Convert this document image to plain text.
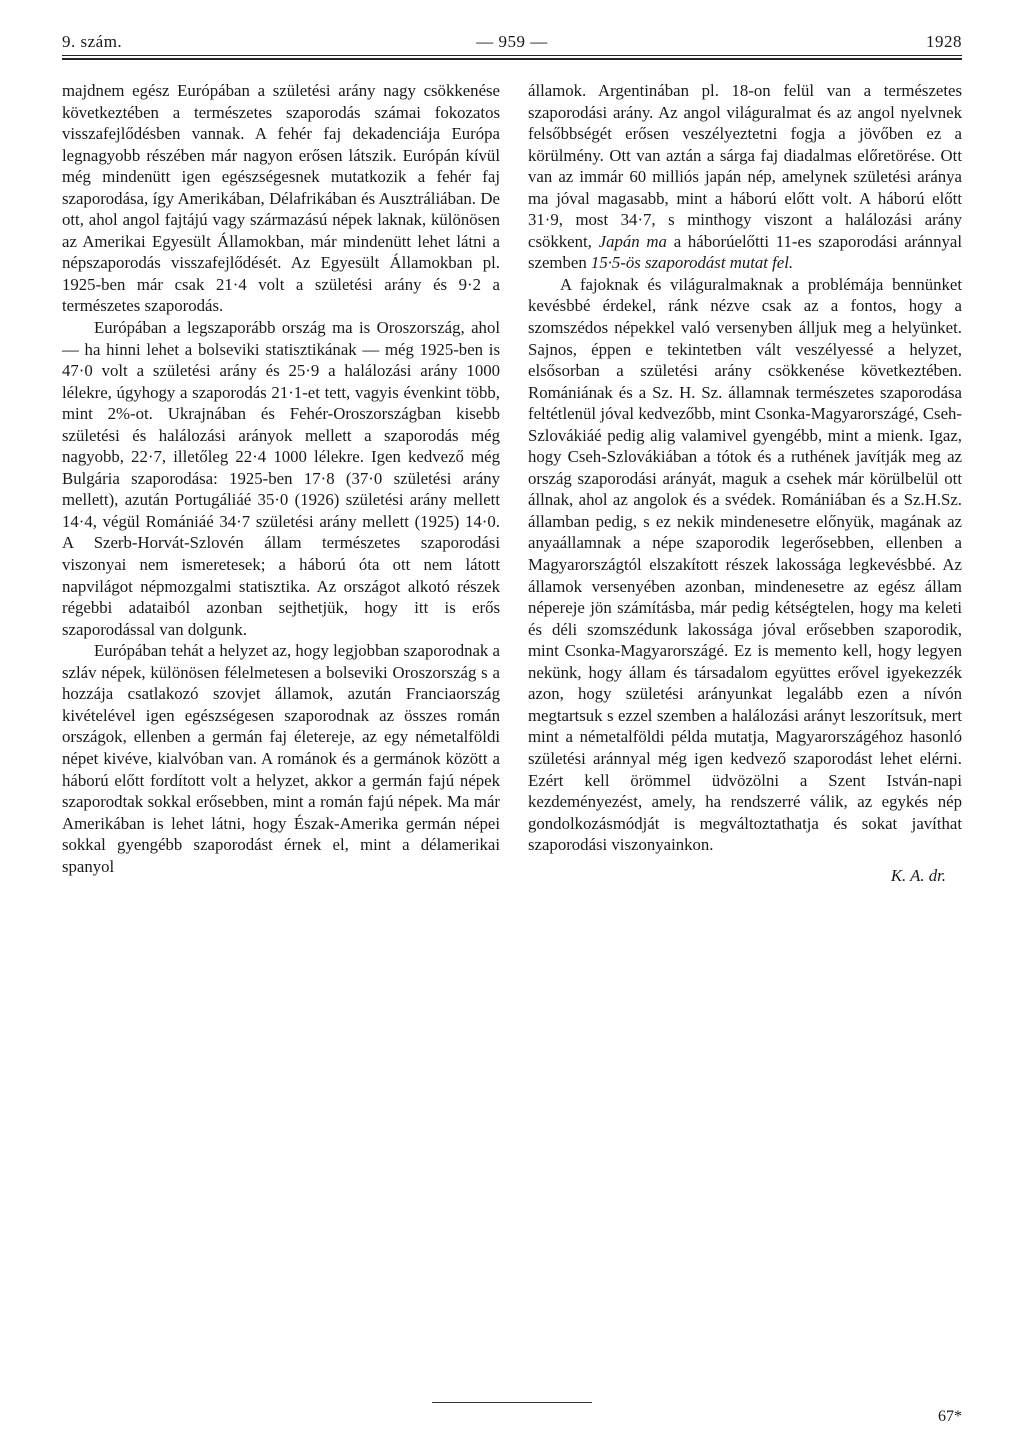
9. szám.	— 959 —	1928

majdnem egész Európában a születési arány nagy csökkenése következtében a természetes szaporodás számai fokozatos visszafejlődésben vannak. A fehér faj dekadenciája Európa legnagyobb részében már nagyon erősen látszik. Európán kívül még mindenütt igen egészségesnek mutatkozik a fehér faj szaporodása, így Amerikában, Délafrikában és Ausztráliában. De ott, ahol angol fajtájú vagy származású népek laknak, különösen az Amerikai Egyesült Államokban, már mindenütt lehet látni a népszaporodás visszafejlődését. Az Egyesült Államokban pl. 1925-ben már csak 21·4 volt a születési arány és 9·2 a természetes szaporodás.

Európában a legszaporább ország ma is Oroszország, ahol — ha hinni lehet a bolseviki statisztikának — még 1925-ben is 47·0 volt a születési arány és 25·9 a halálozási arány 1000 lélekre, úgyhogy a szaporodás 21·1-et tett, vagyis évenkint több, mint 2%-ot. Ukrajnában és Fehér-Oroszországban kisebb születési és halálozási arányok mellett a szaporodás még nagyobb, 22·7, illetőleg 22·4 1000 lélekre. Igen kedvező még Bulgária szaporodása: 1925-ben 17·8 (37·0 születési arány mellett), azután Portugáliáé 35·0 (1926) születési arány mellett 14·4, végül Romániáé 34·7 születési arány mellett (1925) 14·0. A Szerb-Horvát-Szlovén állam természetes szaporodási viszonyai nem ismeretesek; a háború óta ott nem látott napvilágot népmozgalmi statisztika. Az országot alkotó részek régebbi adataiból azonban sejthetjük, hogy itt is erős szaporodással van dolgunk.

Európában tehát a helyzet az, hogy legjobban szaporodnak a szláv népek, különösen félelmetesen a bolseviki Oroszország s a hozzája csatlakozó szovjet államok, azután Franciaország kivételével igen egészségesen szaporodnak az összes román országok, ellenben a germán faj életereje, az egy németalföldi népet kivéve, kialvóban van. A románok és a germánok között a háború előtt fordított volt a helyzet, akkor a germán fajú népek szaporodtak sokkal erősebben, mint a román fajú népek. Ma már Amerikában is lehet látni, hogy Észak-Amerika germán népei sokkal gyengébb szaporodást érnek el, mint a délamerikai spanyol

államok. Argentinában pl. 18-on felül van a természetes szaporodási arány. Az angol világuralmat és az angol nyelvnek felsőbbségét erősen veszélyeztetni fogja a jövőben ez a körülmény. Ott van aztán a sárga faj diadalmas előretörése. Ott van az immár 60 milliós japán nép, amelynek születési aránya ma jóval magasabb, mint a háború előtt volt. A háború előtt 31·9, most 34·7, s minthogy viszont a halálozási arány csökkent, Japán ma a háborúelőtti 11-es szaporodási aránnyal szemben 15·5-ös szaporodást mutat fel.

A fajoknak és világuralmaknak a problémája bennünket kevésbbé érdekel, ránk nézve csak az a fontos, hogy a szomszédos népekkel való versenyben álljuk meg a helyünket. Sajnos, éppen e tekintetben vált veszélyessé a helyzet, elsősorban a születési arány csökkenése következtében. Romániának és a Sz. H. Sz. államnak természetes szaporodása feltétlenül jóval kedvezőbb, mint Csonka-Magyarországé, Cseh-Szlovákiáé pedig alig valamivel gyengébb, mint a mienk. Igaz, hogy Cseh-Szlovákiában a tótok és a ruthének javítják meg az ország szaporodási arányát, maguk a csehek már körülbelül ott állnak, ahol az angolok és a svédek. Romániában és a Sz.H.Sz. államban pedig, s ez nekik mindenesetre előnyük, magának az anyaállamnak a népe szaporodik legerősebben, ellenben a Magyarországtól elszakított részek lakossága legkevésbbé. Az államok versenyében azonban, mindenesetre az egész állam népereje jön számításba, már pedig kétségtelen, hogy ma keleti és déli szomszédunk lakossága jóval erősebben szaporodik, mint Csonka-Magyarországé. Ez is memento kell, hogy legyen nekünk, hogy állam és társadalom együttes erővel igyekezzék azon, hogy születési arányunkat legalább ezen a nívón megtartsuk s ezzel szemben a halálozási arányt leszorítsuk, mert mint a németalföldi példa mutatja, Magyarországéhoz hasonló születési aránnyal még igen kedvező szaporodást lehet elérni. Ezért kell örömmel üdvözölni a Szent István-napi kezdeményezést, amely, ha rendszerré válik, az egykés nép gondolkozásmódját is megváltoztathatja és sokat javíthat szaporodási viszonyainkon.

K. A. dr.

67*
